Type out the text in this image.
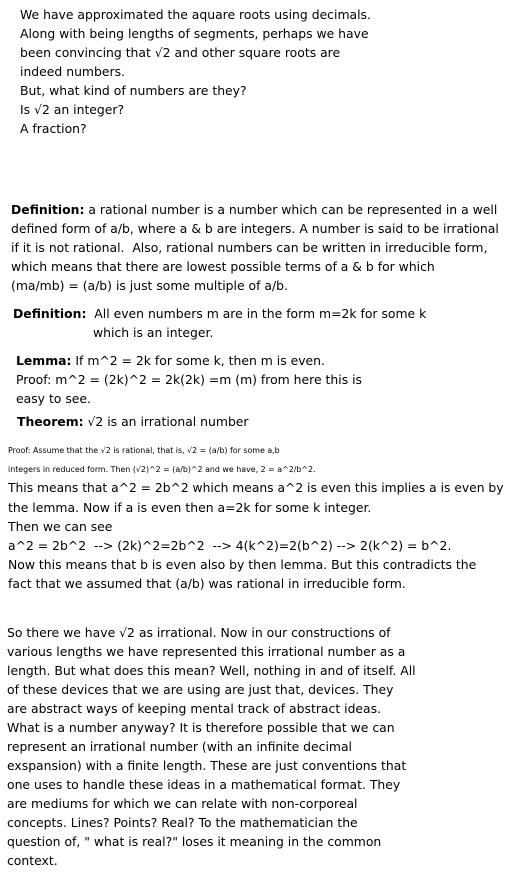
We have approximated the aquare roots using decimals.
Along with being lengths of segments, perhaps we have
been convincing that √2 and other square roots are
indeed numbers.
But, what kind of numbers are they?
Is √2 an integer?
A fraction?
Definition: a rational number is a number which can be represented in a well
defined form of a/b, where a & b are integers. A number is said to be irrational
if it is not rational.  Also, rational numbers can be written in irreducible form,
which means that there are lowest possible terms of a & b for which
(ma/mb) = (a/b) is just some multiple of a/b.
Definition:  All even numbers m are in the form m=2k for some k
which is an integer.
Lemma: If m^2 = 2k for some k, then m is even.
Proof: m^2 = (2k)^2 = 2k(2k) =m (m) from here this is
easy to see.
Theorem: √2 is an irrational number
Proof: Assume that the √2 is rational, that is, √2 = (a/b) for some a,b
integers in reduced form. Then (√2)^2 = (a/b)^2 and we have, 2 = a^2/b^2.
This means that a^2 = 2b^2 which means a^2 is even this implies a is even by
the lemma. Now if a is even then a=2k for some k integer.
Then we can see
a^2 = 2b^2  --> (2k)^2=2b^2  --> 4(k^2)=2(b^2) --> 2(k^2) = b^2.
Now this means that b is even also by then lemma. But this contradicts the
fact that we assumed that (a/b) was rational in irreducible form.
So there we have √2 as irrational. Now in our constructions of
various lengths we have represented this irrational number as a
length. But what does this mean? Well, nothing in and of itself. All
of these devices that we are using are just that, devices. They
are abstract ways of keeping mental track of abstract ideas.
What is a number anyway? It is therefore possible that we can
represent an irrational number (with an infinite decimal
exspansion) with a finite length. These are just conventions that
one uses to handle these ideas in a mathematical format. They
are mediums for which we can relate with non-corporeal
concepts. Lines? Points? Real? To the mathematician the
question of, " what is real?" loses it meaning in the common
context.
